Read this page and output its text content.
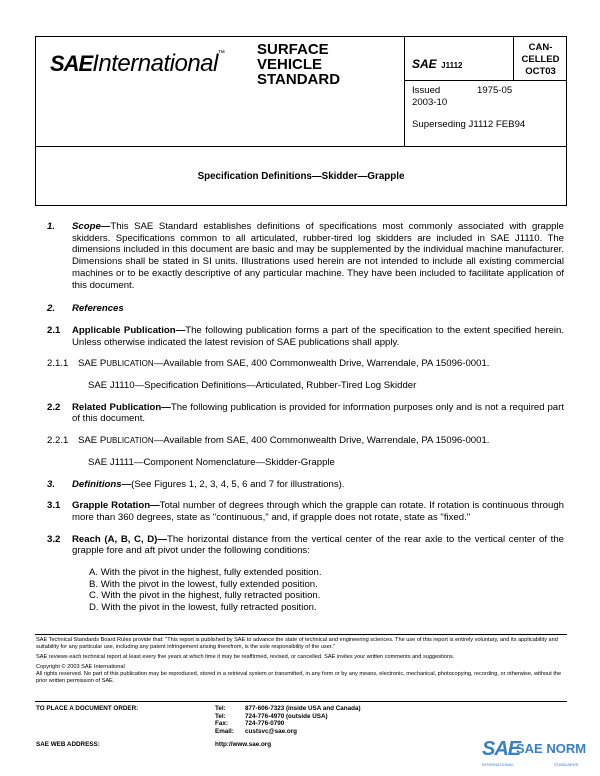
SAEInternational™ SURFACE
VEHICLE
STANDARD
SAE J1112
CAN-
CELLED
OCT03
Issued	1975-05
2003-10
Superseding J1112 FEB94
Specification Definitions—Skidder—Grapple
1.	Scope—This SAE Standard establishes definitions of specifications most commonly associated with grapple skidders. Specifications common to all articulated, rubber-tired log skidders are included in SAE J1110. The dimensions included in this document are basic and may be supplemented by the individual machine manufacturer. Dimensions shall be stated in SI units. Illustrations used herein are not intended to include all existing commercial machines or to be exactly descriptive of any particular machine. They have been included to facilitate application of this document.
2.	References
2.1	Applicable Publication—The following publication forms a part of the specification to the extent specified herein. Unless otherwise indicated the latest revision of SAE publications shall apply.
2.1.1	SAE PUBLICATION—Available from SAE, 400 Commonwealth Drive, Warrendale, PA 15096-0001.
SAE J1110—Specification Definitions—Articulated, Rubber-Tired Log Skidder
2.2	Related Publication—The following publication is provided for information purposes only and is not a required part of this document.
2.2.1	SAE PUBLICATION—Available from SAE, 400 Commonwealth Drive, Warrendale, PA 15096-0001.
SAE J1111—Component Nomenclature—Skidder-Grapple
3.	Definitions—(See Figures 1, 2, 3, 4, 5, 6 and 7 for illustrations).
3.1	Grapple Rotation—Total number of degrees through which the grapple can rotate. If rotation is continuous through more than 360 degrees, state as "continuous," and, if grapple does not rotate, state as "fixed."
3.2	Reach (A, B, C, D)—The horizontal distance from the vertical center of the rear axle to the vertical center of the grapple fore and aft pivot under the following conditions:
A. With the pivot in the highest, fully extended position.
B. With the pivot in the lowest, fully extended position.
C. With the pivot in the highest, fully retracted position.
D. With the pivot in the lowest, fully retracted position.
SAE Technical Standards Board Rules provide that: "This report is published by SAE to advance the state of technical and engineering sciences. The use of this report is entirely voluntary, and its applicability and suitability for any particular use, including any patent infringement arising therefrom, is the sole responsibility of the user."
SAE reviews each technical report at least every five years at which time it may be reaffirmed, revised, or cancelled. SAE invites your written comments and suggestions.
Copyright © 2003 SAE International
All rights reserved. No part of this publication may be reproduced, stored in a retrieval system or transmitted, in any form or by any means, electronic, mechanical, photocopying, recording, or otherwise, without the prior written permission of SAE.
TO PLACE A DOCUMENT ORDER:	Tel:	877-606-7323 (inside USA and Canada)
Tel:	724-776-4970 (outside USA)
Fax:	724-776-0790
Email:	custsvc@sae.org
SAE WEB ADDRESS:	http://www.sae.org	SAE
SAE NORM
INTERNATIONAL	STANDARDS
